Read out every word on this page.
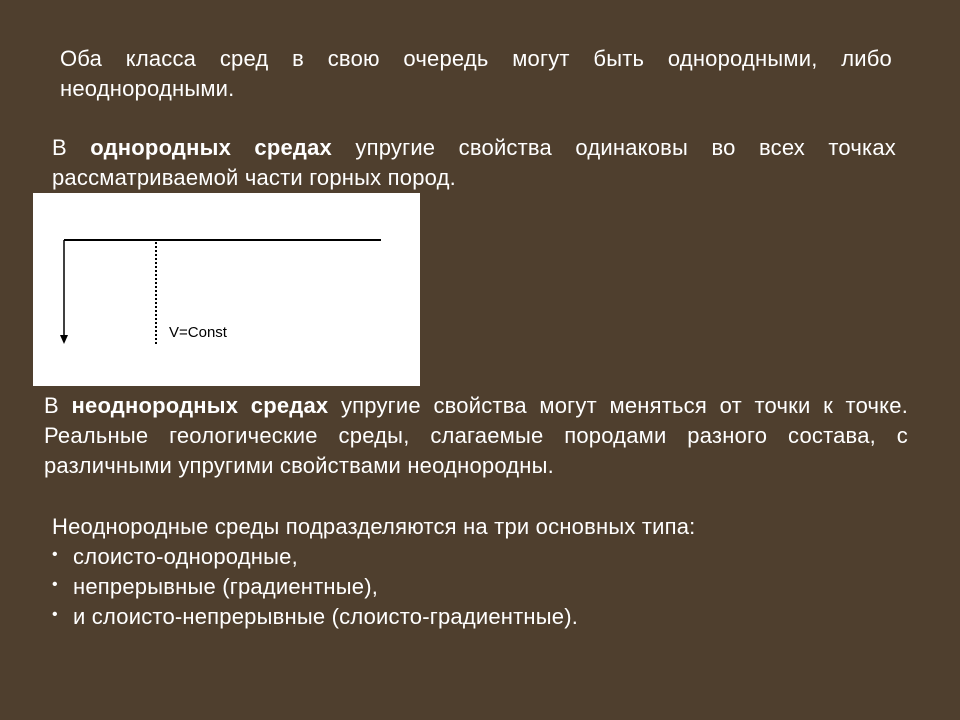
Оба класса сред в свою очередь могут быть однородными, либо неоднородными.

В однородных средах упругие свойства одинаковы во всех точках рассматриваемой части горных пород.

V=Const

В неоднородных средах упругие свойства могут меняться от точки к точке. Реальные геологические среды, слагаемые породами разного состава, с различными упругими свойствами неоднородны.

Неоднородные среды подразделяются на три основных типа:
• слоисто-однородные,
• непрерывные (градиентные),
• и слоисто-непрерывные (слоисто-градиентные).
